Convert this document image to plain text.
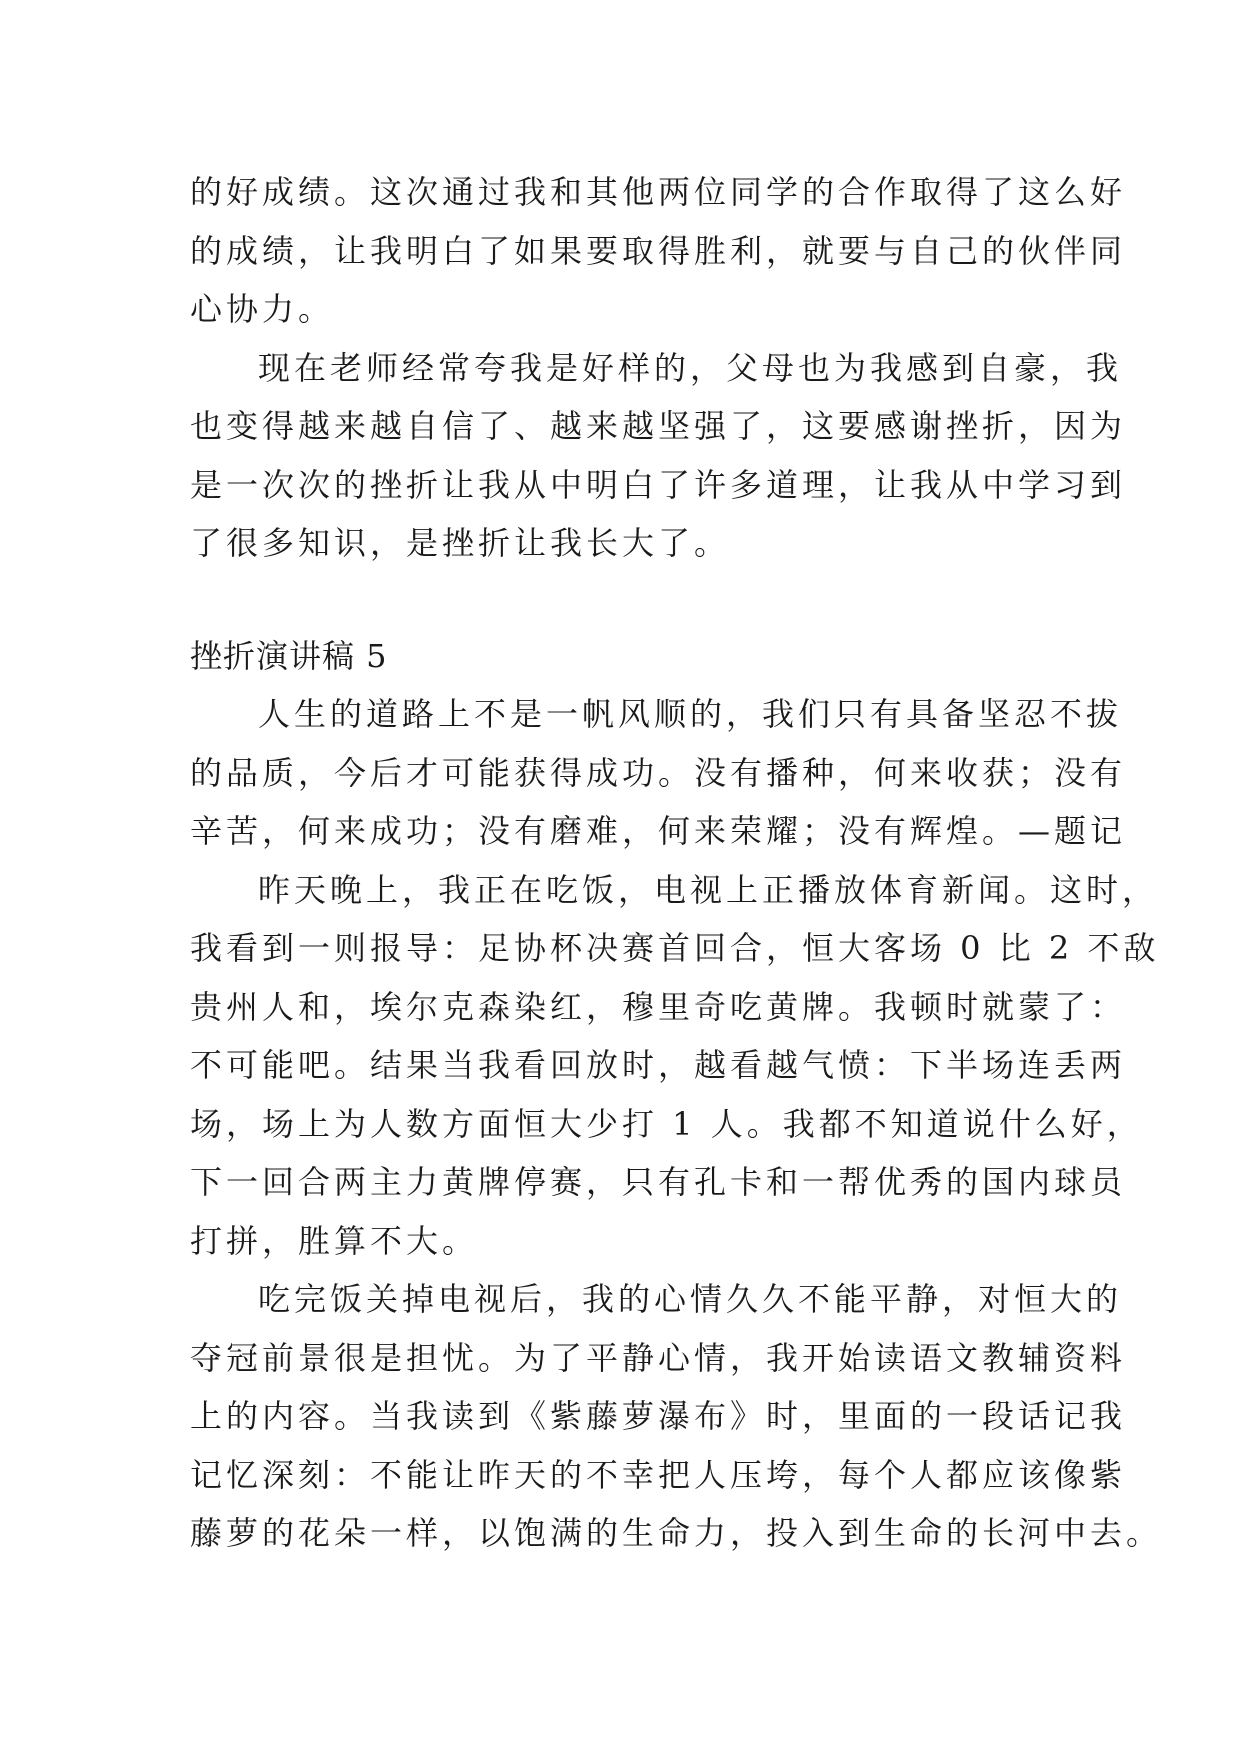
的好成绩。这次通过我和其他两位同学的合作取得了这么好

的成绩，让我明白了如果要取得胜利，就要与自己的伙伴同

心协力。

现在老师经常夸我是好样的，父母也为我感到自豪，我

也变得越来越自信了、越来越坚强了，这要感谢挫折，因为

是一次次的挫折让我从中明白了许多道理，让我从中学习到

了很多知识，是挫折让我长大了。

挫折演讲稿 5

人生的道路上不是一帆风顺的，我们只有具备坚忍不拔

的品质，今后才可能获得成功。没有播种，何来收获；没有

辛苦，何来成功；没有磨难，何来荣耀；没有辉煌。—题记

昨天晚上，我正在吃饭，电视上正播放体育新闻。这时，

我看到一则报导：足协杯决赛首回合，恒大客场 0 比 2 不敌

贵州人和，埃尔克森染红，穆里奇吃黄牌。我顿时就蒙了：

不可能吧。结果当我看回放时，越看越气愤：下半场连丢两

场，场上为人数方面恒大少打 1 人。我都不知道说什么好，

下一回合两主力黄牌停赛，只有孔卡和一帮优秀的国内球员

打拼，胜算不大。

吃完饭关掉电视后，我的心情久久不能平静，对恒大的

夺冠前景很是担忧。为了平静心情，我开始读语文教辅资料

上的内容。当我读到《紫藤萝瀑布》时，里面的一段话记我

记忆深刻：不能让昨天的不幸把人压垮，每个人都应该像紫

藤萝的花朵一样，以饱满的生命力，投入到生命的长河中去。
